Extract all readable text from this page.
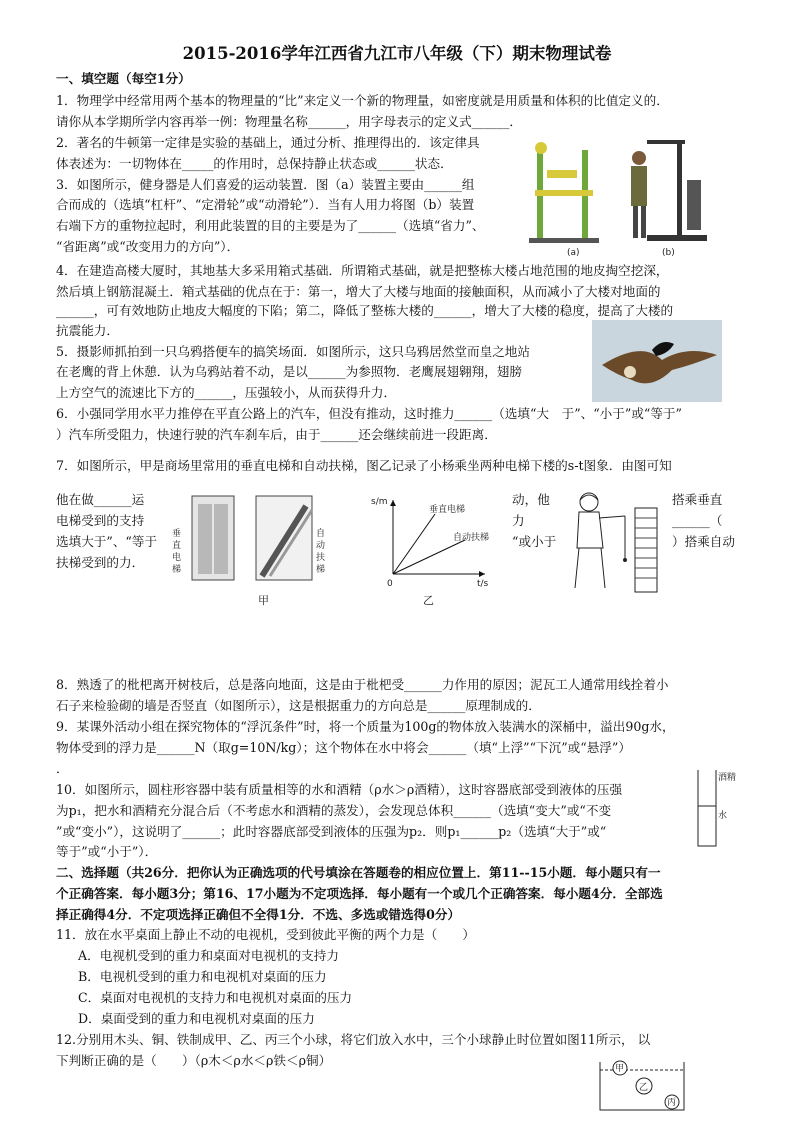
2015-2016学年江西省九江市八年级（下）期末物理试卷
一、填空题（每空1分）
1．物理学中经常用两个基本的物理量的“比”来定义一个新的物理量，如密度就是用质量和体积的比值定义的．
请你从本学期所学内容再举一例：物理量名称______，用字母表示的定义式______．
2．著名的牛顿第一定律是实验的基础上，通过分析、推理得出的．该定律具
体表述为：一切物体在_____的作用时，总保持静止状态或______状态．
3．如图所示，健身器是人们喜爱的运动装置．图（a）装置主要由______组
合而成的（选填“杠杆”、“定滑轮”或“动滑轮”）．当有人用力将图（b）装置
右端下方的重物拉起时，利用此装置的目的主要是为了______（选填“省力”、
“省距离”或“改变用力的方向”）．
4．在建造高楼大厦时，其地基大多采用箱式基础．所谓箱式基础，就是把整栋大楼占地范围的地皮掏空挖深，
然后填上钢筋混凝土．箱式基础的优点在于：第一，增大了大楼与地面的接触面积，从而减小了大楼对地面的
______，可有效地防止地皮大幅度的下陷；第二，降低了整栋大楼的______，增大了大楼的稳度，提高了大楼的
抗震能力．
5．摄影师抓拍到一只乌鸦搭便车的搞笑场面．如图所示，这只乌鸦居然堂而皇之地站
在老鹰的背上休憩．认为乌鸦站着不动，是以______为参照物．老鹰展翅翱翔，翅膀
上方空气的流速比下方的______，压强较小，从而获得升力．
6．小强同学用水平力推停在平直公路上的汽车，但没有推动，这时推力______（选填“大　于”、“小于”或“等于”
）汽车所受阻力，快速行驶的汽车刹车后，由于______还会继续前进一段距离．
7．如图所示，甲是商场里常用的垂直电梯和自动扶梯，图乙记录了小杨乘坐两种电梯下楼的s-t图象．由图可知
他在做______运
电梯受到的支持
选填大于”、“等于
扶梯受到的力．
动，他
力
“或小于
搭乘垂直
______（
）搭乘自动
8．熟透了的枇杷离开树枝后，总是落向地面，这是由于枇杷受______力作用的原因；泥瓦工人通常用线拴着小
石子来检验砌的墙是否竖直（如图所示），这是根据重力的方向总是______原理制成的．
9．某课外活动小组在探究物体的“浮沉条件”时，将一个质量为100g的物体放入装满水的深桶中，溢出90g水，
物体受到的浮力是______N（取g=10N/kg）；这个物体在水中将会______（填“上浮”“下沉”或“悬浮”）
．
10．如图所示，圆柱形容器中装有质量相等的水和酒精（ρ水＞ρ酒精），这时容器底部受到液体的压强
为p₁，把水和酒精充分混合后（不考虑水和酒精的蒸发），会发现总体积______（选填“变大”或“不变
”或“变小”），这说明了______；此时容器底部受到液体的压强为p₂．则p₁______p₂（选填“大于”或“
等于”或“小于”）．
二、选择题（共26分．把你认为正确选项的代号填涂在答题卷的相应位置上．第11--15小题．每小题只有一
个正确答案．每小题3分；第16、17小题为不定项选择．每小题有一个或几个正确答案．每小题4分．全部选
择正确得4分．不定项选择正确但不全得1分．不选、多选或错选得0分）
11．放在水平桌面上静止不动的电视机，受到彼此平衡的两个力是（　　）
A．电视机受到的重力和桌面对电视机的支持力
B．电视机受到的重力和电视机对桌面的压力
C．桌面对电视机的支持力和电视机对桌面的压力
D．桌面受到的重力和电视机对桌面的压力
12.分别用木头、铜、铁制成甲、乙、丙三个小球，将它们放入水中，三个小球静止时位置如图11所示， 以
下判断正确的是（　　）（ρ木＜ρ水＜ρ铁＜ρ铜）
(a)	(b)
垂
直
电
梯
自
动
扶
梯
甲
s/m
t/s
0
垂直电梯
自动扶梯
乙
酒精
水
甲
乙
丙
